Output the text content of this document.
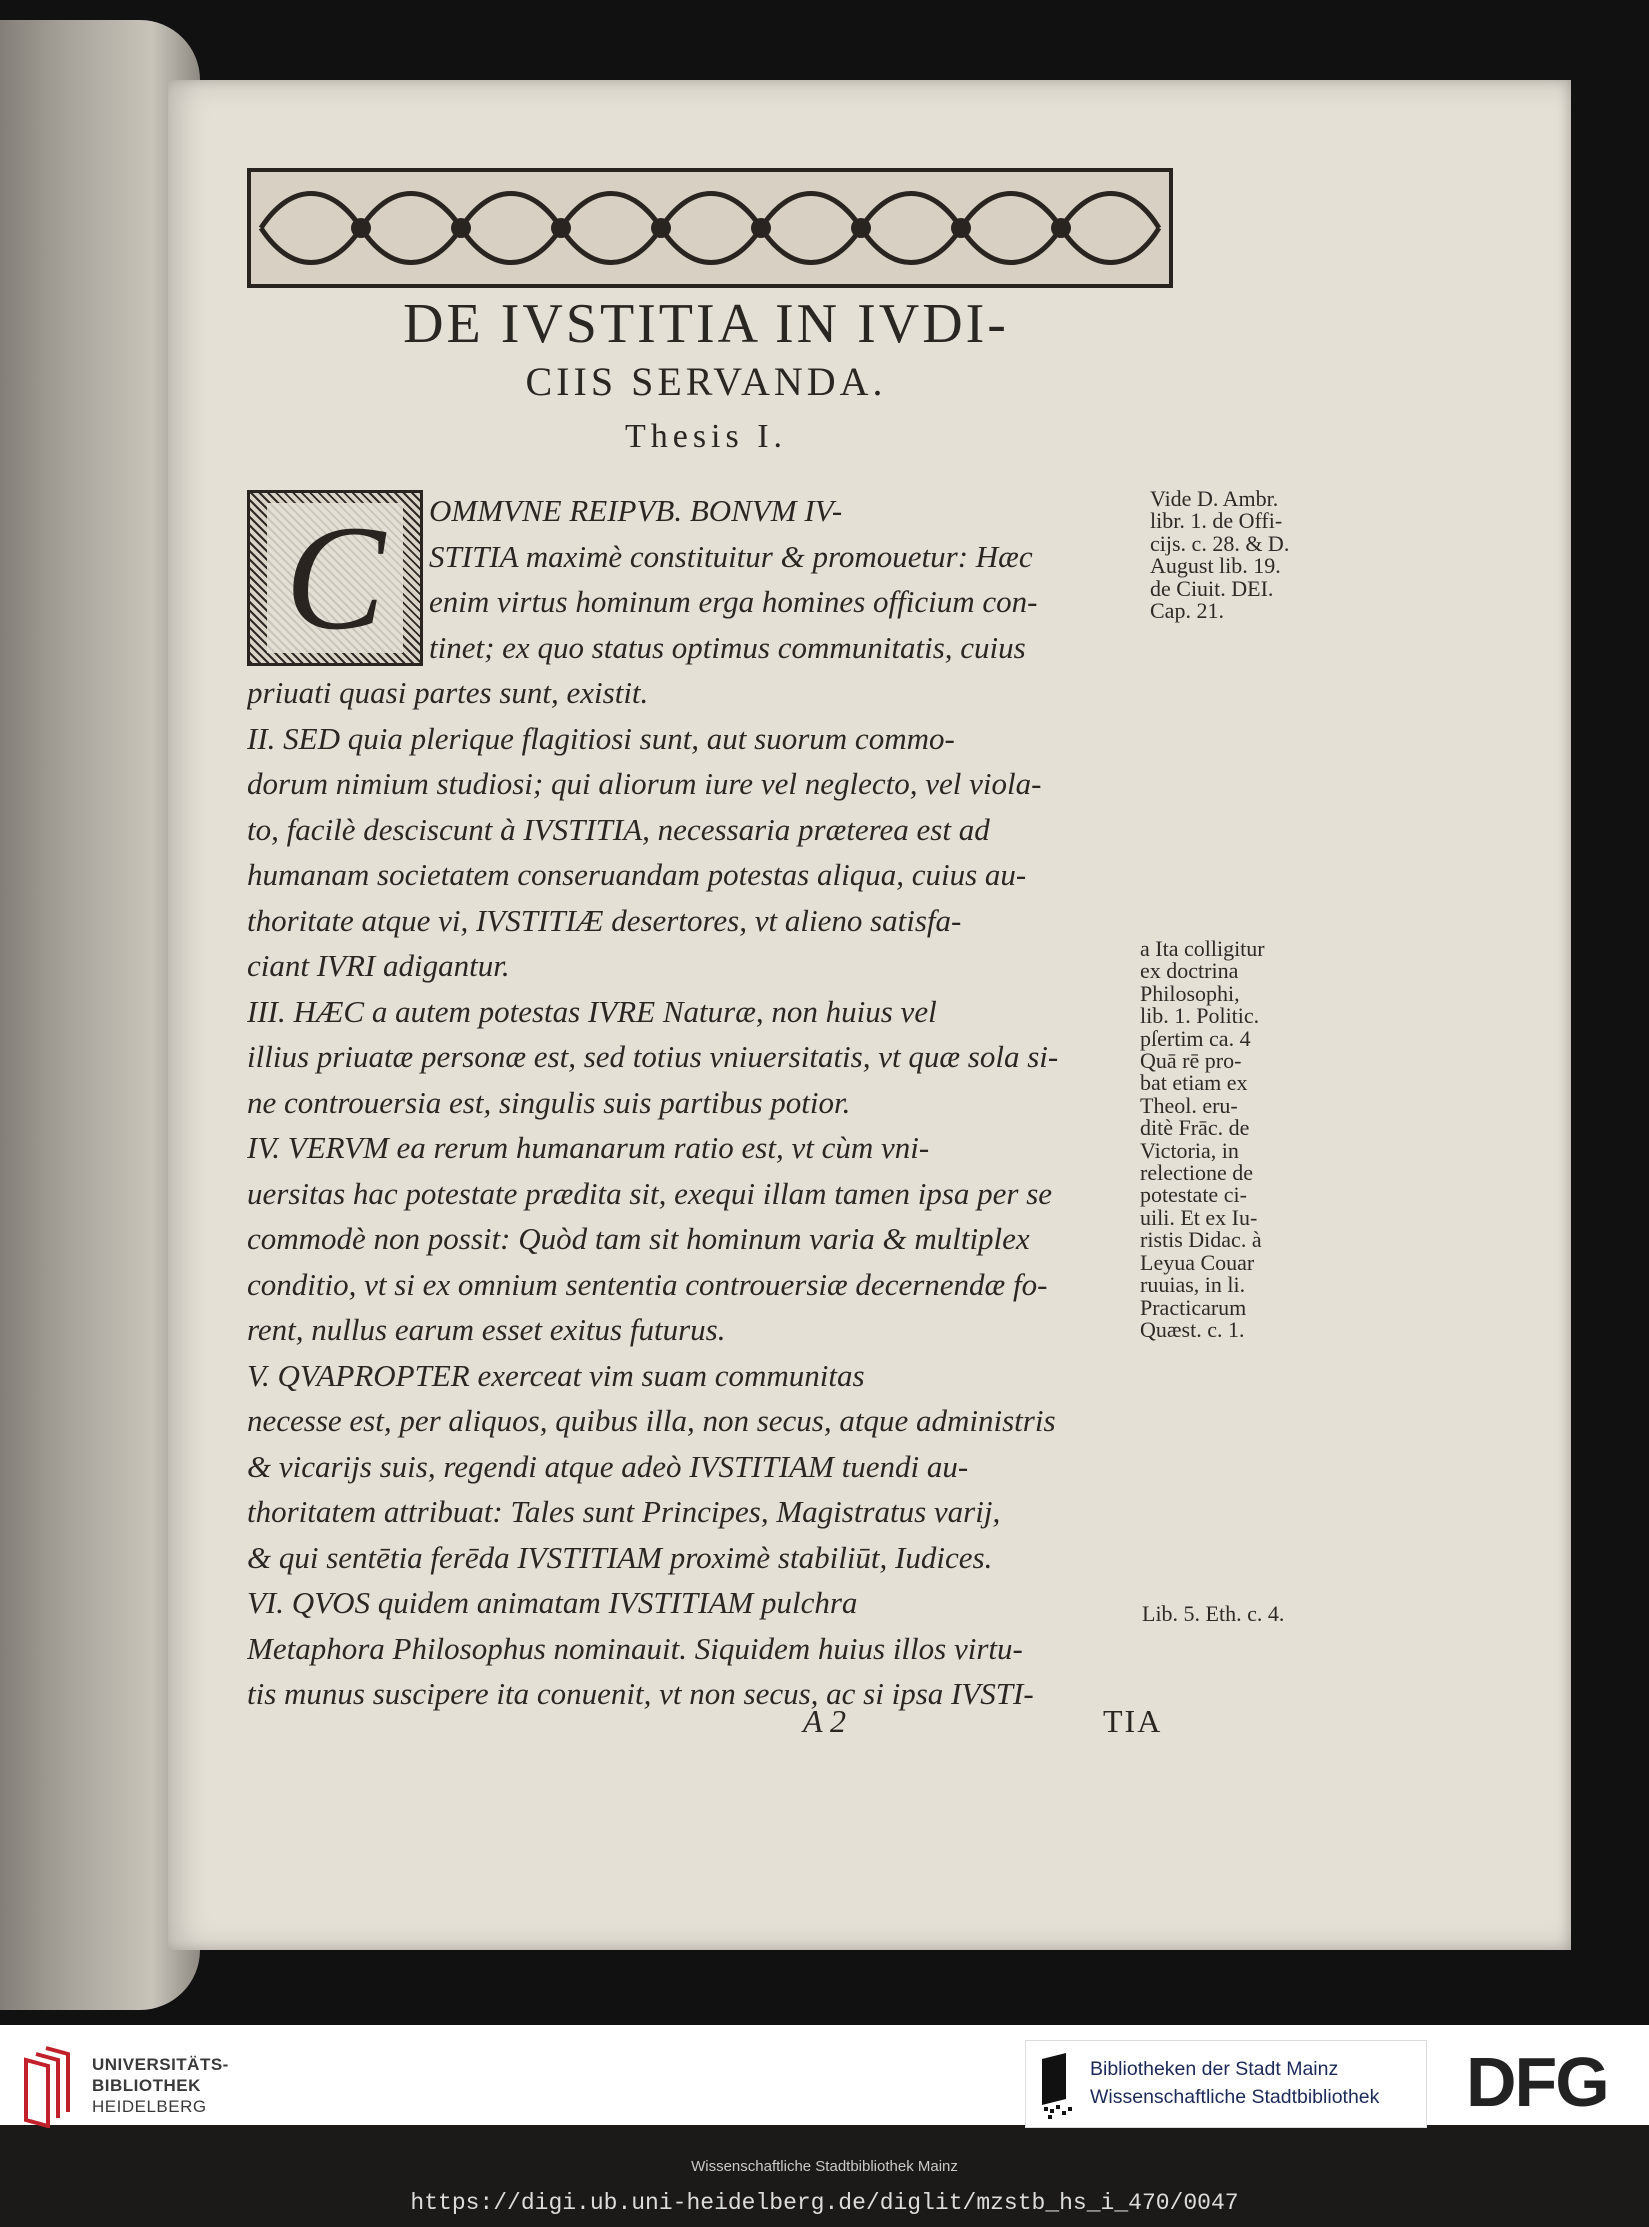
DE IVSTITIA IN IVDI-
CIIS SERVANDA.
Thesis I.
OMMVNE REIPVB. BONVM IV-
STITIA maximè constituitur & promouetur: Hæc
enim virtus hominum erga homines officium con-
tinet; ex quo status optimus communitatis, cuius
priuati quasi partes sunt, existit.
II. SED quia plerique flagitiosi sunt, aut suorum commo-
dorum nimium studiosi; qui aliorum iure vel neglecto, vel viola-
to, facilè desciscunt à IVSTITIA, necessaria præterea est ad
humanam societatem conseruandam potestas aliqua, cuius au-
thoritate atque vi, IVSTITIÆ desertores, vt alieno satisfa-
ciant IVRI adigantur.
III. HÆC a autem potestas IVRE Naturæ, non huius vel
illius priuatæ personæ est, sed totius vniuersitatis, vt quæ sola si-
ne controuersia est, singulis suis partibus potior.
IV. VERVM ea rerum humanarum ratio est, vt cùm vni-
uersitas hac potestate prædita sit, exequi illam tamen ipsa per se
commodè non possit: Quòd tam sit hominum varia & multiplex
conditio, vt si ex omnium sententia controuersiæ decernendæ fo-
rent, nullus earum esset exitus futurus.
V. QVAPROPTER exerceat vim suam communitas
necesse est, per aliquos, quibus illa, non secus, atque administris
& vicarijs suis, regendi atque adeò IVSTITIAM tuendi au-
thoritatem attribuat: Tales sunt Principes, Magistratus varij,
& qui sentētia ferēda IVSTITIAM proximè stabiliūt, Iudices.
VI. QVOS quidem animatam IVSTITIAM pulchra
Metaphora Philosophus nominauit. Siquidem huius illos virtu-
tis munus suscipere ita conuenit, vt non secus, ac si ipsa IVSTI-
C	Vide D. Ambr.
libr. 1. de Offi-
cijs. c. 28. & D.
August lib. 19.
de Ciuit. DEI.
Cap. 21.
a Ita colligitur
ex doctrina
Philosophi,
lib. 1. Politic.
pſertim ca. 4
Quā rē pro-
bat etiam ex
Theol. eru-
ditè Frāc. de
Victoria, in
relectione de
potestate ci-
uili. Et ex Iu-
ristis Didac. à
Leyua Couar
ruuias, in li.
Practicarum
Quæst. c. 1.
Lib. 5. Eth. c. 4.
A 2	TIA
UNIVERSITÄTS-
BIBLIOTHEK
HEIDELBERG
Bibliotheken der Stadt Mainz
Wissenschaftliche Stadtbibliothek DFG
Wissenschaftliche Stadtbibliothek Mainz
https://digi.ub.uni-heidelberg.de/diglit/mzstb_hs_i_470/0047
